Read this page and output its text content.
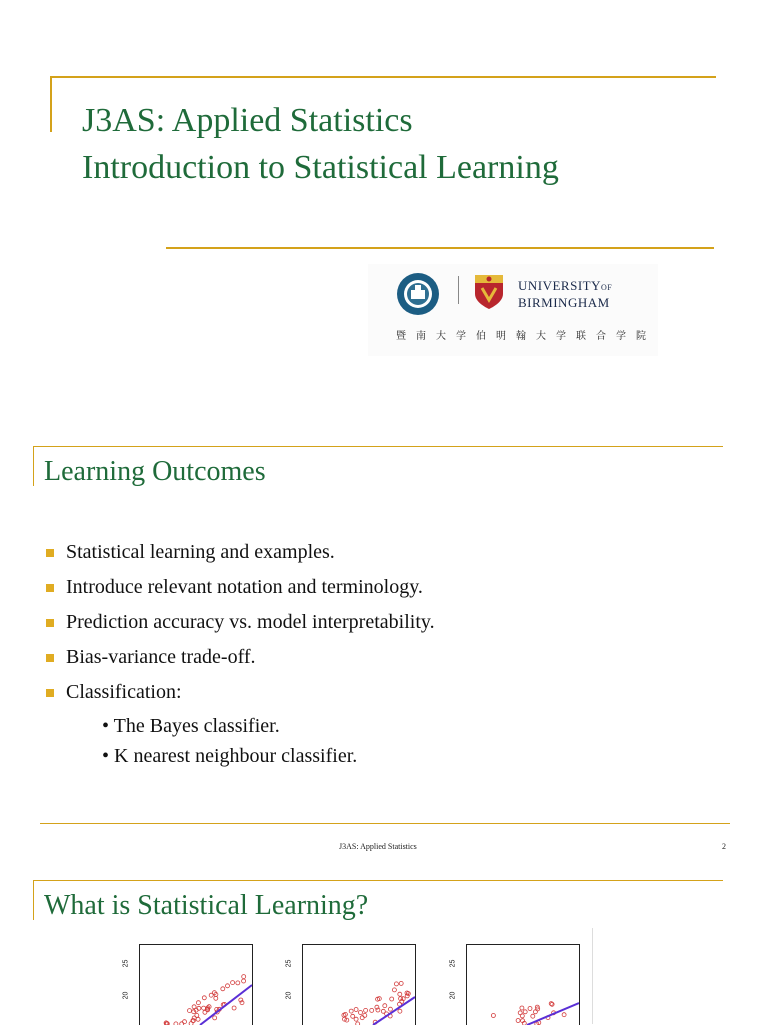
J3AS: Applied Statistics
Introduction to Statistical Learning
UNIVERSITYOF
BIRMINGHAM
暨南大学伯明翰大学联合学院
Learning Outcomes
Statistical learning and examples.
Introduce relevant notation and terminology.
Prediction accuracy vs. model interpretability.
Bias-variance trade-off.
Classification:
• The Bayes classifier.
• K nearest neighbour classifier.
J3AS: Applied Statistics	2
What is Statistical Learning?
25
20
25
20
25
20
